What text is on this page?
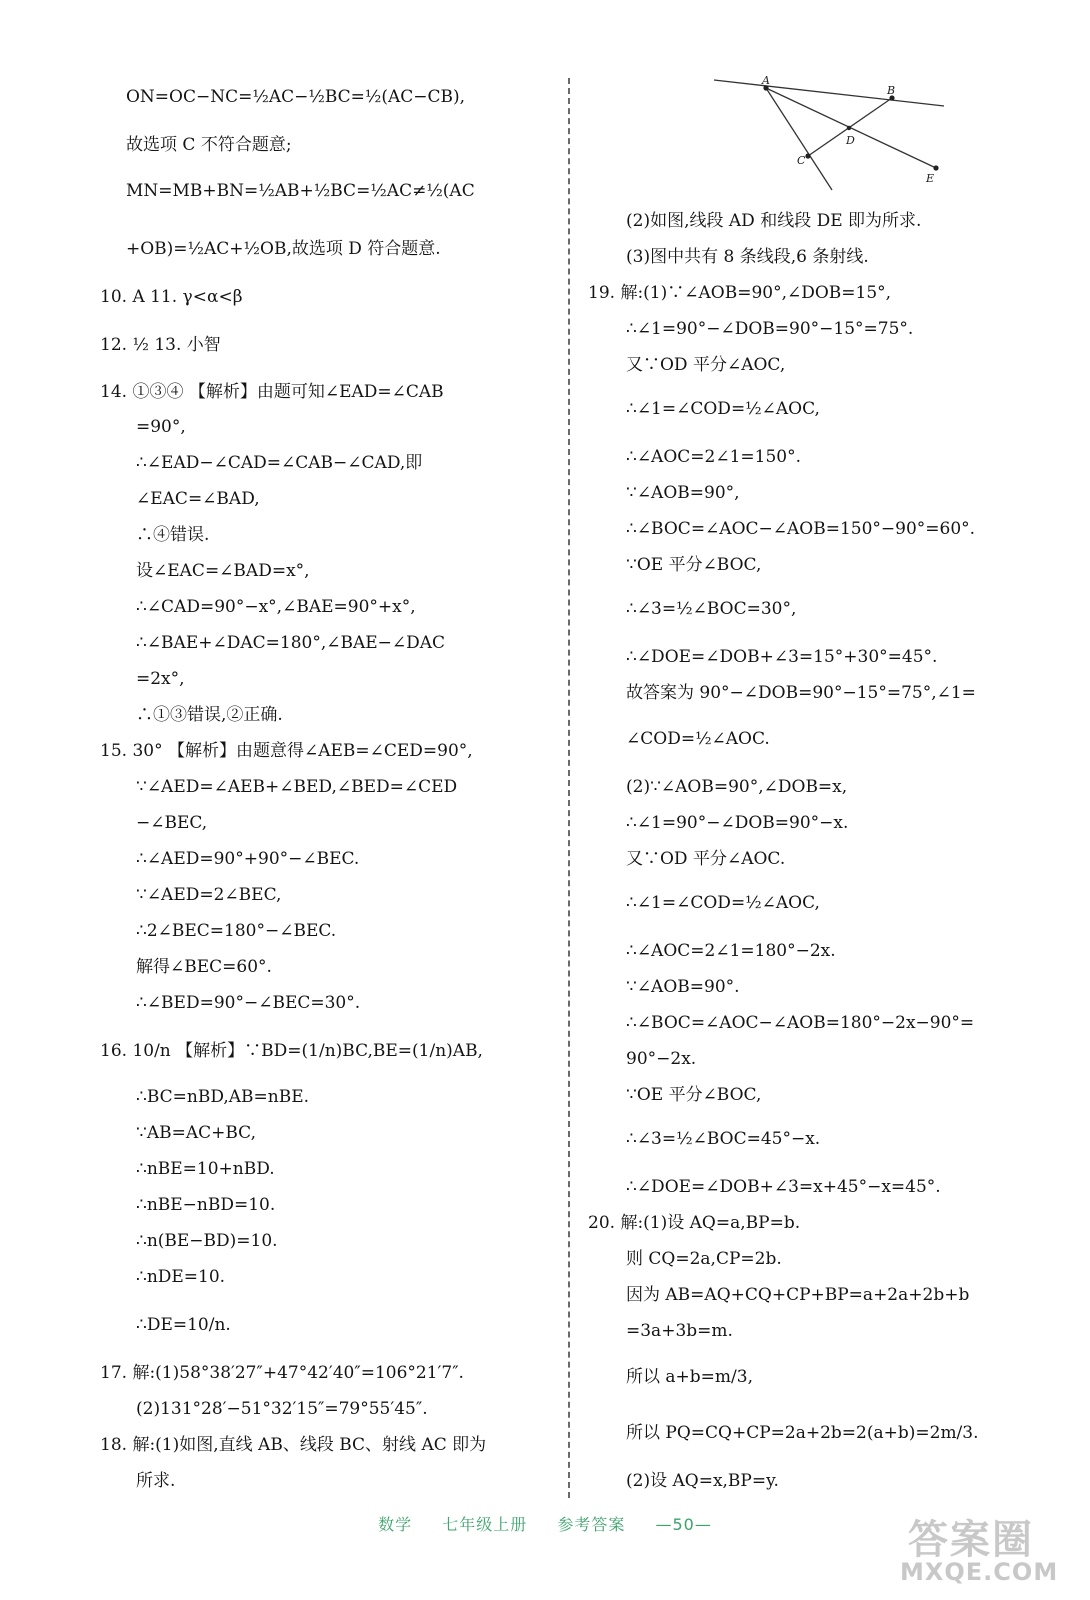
ON=OC−NC=½AC−½BC=½(AC−CB),
故选项 C 不符合题意;
MN=MB+BN=½AB+½BC=½AC≠½(AC
+OB)=½AC+½OB,故选项 D 符合题意.
10. A 11. γ<α<β
12. ½ 13. 小智
14. ①③④ 【解析】由题可知∠EAD=∠CAB
=90°,
∴∠EAD−∠CAD=∠CAB−∠CAD,即
∠EAC=∠BAD,
∴④错误.
设∠EAC=∠BAD=x°,
∴∠CAD=90°−x°,∠BAE=90°+x°,
∴∠BAE+∠DAC=180°,∠BAE−∠DAC
=2x°,
∴①③错误,②正确.
15. 30° 【解析】由题意得∠AEB=∠CED=90°,
∵∠AED=∠AEB+∠BED,∠BED=∠CED
−∠BEC,
∴∠AED=90°+90°−∠BEC.
∵∠AED=2∠BEC,
∴2∠BEC=180°−∠BEC.
解得∠BEC=60°.
∴∠BED=90°−∠BEC=30°.
16. 10/n 【解析】∵BD=(1/n)BC,BE=(1/n)AB,
∴BC=nBD,AB=nBE.
∵AB=AC+BC,
∴nBE=10+nBD.
∴nBE−nBD=10.
∴n(BE−BD)=10.
∴nDE=10.
∴DE=10/n.
17. 解:(1)58°38′27″+47°42′40″=106°21′7″.
(2)131°28′−51°32′15″=79°55′45″.
18. 解:(1)如图,直线 AB、线段 BC、射线 AC 即为
所求.
A
B
C
D
E
(2)如图,线段 AD 和线段 DE 即为所求.
(3)图中共有 8 条线段,6 条射线.
19. 解:(1)∵∠AOB=90°,∠DOB=15°,
∴∠1=90°−∠DOB=90°−15°=75°.
又∵OD 平分∠AOC,
∴∠1=∠COD=½∠AOC,
∴∠AOC=2∠1=150°.
∵∠AOB=90°,
∴∠BOC=∠AOC−∠AOB=150°−90°=60°.
∵OE 平分∠BOC,
∴∠3=½∠BOC=30°,
∴∠DOE=∠DOB+∠3=15°+30°=45°.
故答案为 90°−∠DOB=90°−15°=75°,∠1=
∠COD=½∠AOC.
(2)∵∠AOB=90°,∠DOB=x,
∴∠1=90°−∠DOB=90°−x.
又∵OD 平分∠AOC.
∴∠1=∠COD=½∠AOC,
∴∠AOC=2∠1=180°−2x.
∵∠AOB=90°.
∴∠BOC=∠AOC−∠AOB=180°−2x−90°=
90°−2x.
∵OE 平分∠BOC,
∴∠3=½∠BOC=45°−x.
∴∠DOE=∠DOB+∠3=x+45°−x=45°.
20. 解:(1)设 AQ=a,BP=b.
则 CQ=2a,CP=2b.
因为 AB=AQ+CQ+CP+BP=a+2a+2b+b
=3a+3b=m.
所以 a+b=m/3,
所以 PQ=CQ+CP=2a+2b=2(a+b)=2m/3.
(2)设 AQ=x,BP=y.
数学 七年级上册 参考答案 —50—	答案圈
MXQE.COM
